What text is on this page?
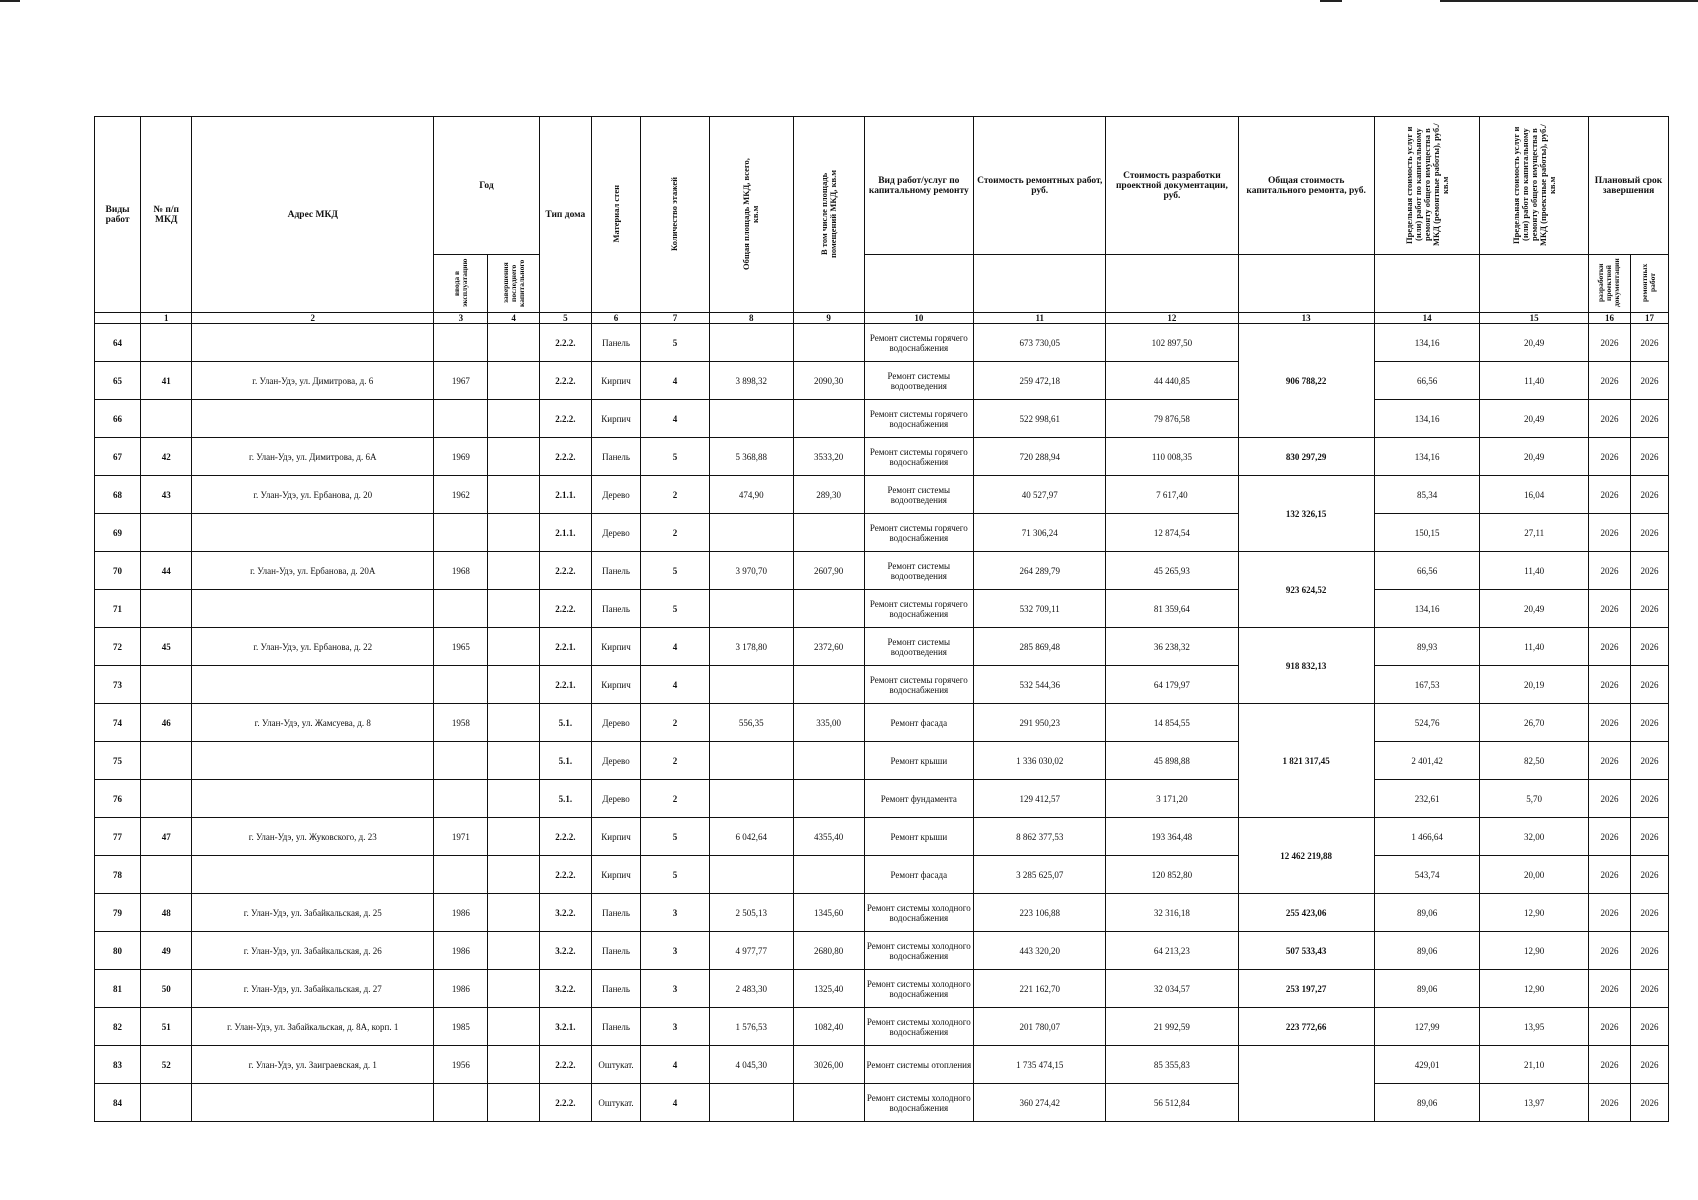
Виды работ	№ п/п МКД	Адрес МКД	Год		Тип дома	Материал стен	Количество этажей	Общая площадь МКД, всего, кв.м	В том числе площадь помещений МКД, кв.м	Вид работ/услуг по капитальному ремонту	Стоимость ремонтных работ, руб.	Стоимость разработки проектной документации, руб.	Общая стоимость капитального ремонта, руб.	Предельная стоимость услуг и (или) работ по капитальному ремонту общего имущества в МКД (ремонтные работы), руб./кв.м	Предельная стоимость услуг и (или) работ по капитальному ремонту общего имущества в МКД (проектные работы), руб./кв.м	Плановый срок завершения	
			ввода в эксплуатацию	завершения последнего капитального												разработки проектной документации	ремонтных работ
	1	2	3	4	5	6	7	8	9	10	11	12	13	14	15	16	17
64					2.2.2.	Панель	5			Ремонт системы горячего водоснабжения	673 730,05	102 897,50	906 788,22	134,16	20,49	2026	2026
65	41	г. Улан-Удэ, ул. Димитрова, д. 6	1967		2.2.2.	Кирпич	4	3 898,32	2090,30	Ремонт системы водоотведения	259 472,18	44 440,85		66,56	11,40	2026	2026
66					2.2.2.	Кирпич	4			Ремонт системы горячего водоснабжения	522 998,61	79 876,58		134,16	20,49	2026	2026
67	42	г. Улан-Удэ, ул. Димитрова, д. 6А	1969		2.2.2.	Панель	5	5 368,88	3533,20	Ремонт системы горячего водоснабжения	720 288,94	110 008,35	830 297,29	134,16	20,49	2026	2026
68	43	г. Улан-Удэ, ул. Ербанова, д. 20	1962		2.1.1.	Дерево	2	474,90	289,30	Ремонт системы водоотведения	40 527,97	7 617,40	132 326,15	85,34	16,04	2026	2026
69					2.1.1.	Дерево	2			Ремонт системы горячего водоснабжения	71 306,24	12 874,54		150,15	27,11	2026	2026
70	44	г. Улан-Удэ, ул. Ербанова, д. 20А	1968		2.2.2.	Панель	5	3 970,70	2607,90	Ремонт системы водоотведения	264 289,79	45 265,93	923 624,52	66,56	11,40	2026	2026
71					2.2.2.	Панель	5			Ремонт системы горячего водоснабжения	532 709,11	81 359,64		134,16	20,49	2026	2026
72	45	г. Улан-Удэ, ул. Ербанова, д. 22	1965		2.2.1.	Кирпич	4	3 178,80	2372,60	Ремонт системы водоотведения	285 869,48	36 238,32	918 832,13	89,93	11,40	2026	2026
73					2.2.1.	Кирпич	4			Ремонт системы горячего водоснабжения	532 544,36	64 179,97		167,53	20,19	2026	2026
74	46	г. Улан-Удэ, ул. Жамсуева, д. 8	1958		5.1.	Дерево	2	556,35	335,00	Ремонт фасада	291 950,23	14 854,55	1 821 317,45	524,76	26,70	2026	2026
75					5.1.	Дерево	2			Ремонт крыши	1 336 030,02	45 898,88		2 401,42	82,50	2026	2026
76					5.1.	Дерево	2			Ремонт фундамента	129 412,57	3 171,20		232,61	5,70	2026	2026
77	47	г. Улан-Удэ, ул. Жуковского, д. 23	1971		2.2.2.	Кирпич	5	6 042,64	4355,40	Ремонт крыши	8 862 377,53	193 364,48	12 462 219,88	1 466,64	32,00	2026	2026
78					2.2.2.	Кирпич	5			Ремонт фасада	3 285 625,07	120 852,80		543,74	20,00	2026	2026
79	48	г. Улан-Удэ, ул. Забайкальская, д. 25	1986		3.2.2.	Панель	3	2 505,13	1345,60	Ремонт системы холодного водоснабжения	223 106,88	32 316,18	255 423,06	89,06	12,90	2026	2026
80	49	г. Улан-Удэ, ул. Забайкальская, д. 26	1986		3.2.2.	Панель	3	4 977,77	2680,80	Ремонт системы холодного водоснабжения	443 320,20	64 213,23	507 533,43	89,06	12,90	2026	2026
81	50	г. Улан-Удэ, ул. Забайкальская, д. 27	1986		3.2.2.	Панель	3	2 483,30	1325,40	Ремонт системы холодного водоснабжения	221 162,70	32 034,57	253 197,27	89,06	12,90	2026	2026
82	51	г. Улан-Удэ, ул. Забайкальская, д. 8А, корп. 1	1985		3.2.1.	Панель	3	1 576,53	1082,40	Ремонт системы холодного водоснабжения	201 780,07	21 992,59	223 772,66	127,99	13,95	2026	2026
83	52	г. Улан-Удэ, ул. Заиграевская, д. 1	1956		2.2.2.	Оштукат.	4	4 045,30	3026,00	Ремонт системы отопления	1 735 474,15	85 355,83		429,01	21,10	2026	2026
84					2.2.2.	Оштукат.	4			Ремонт системы холодного водоснабжения	360 274,42	56 512,84		89,06	13,97	2026	2026
